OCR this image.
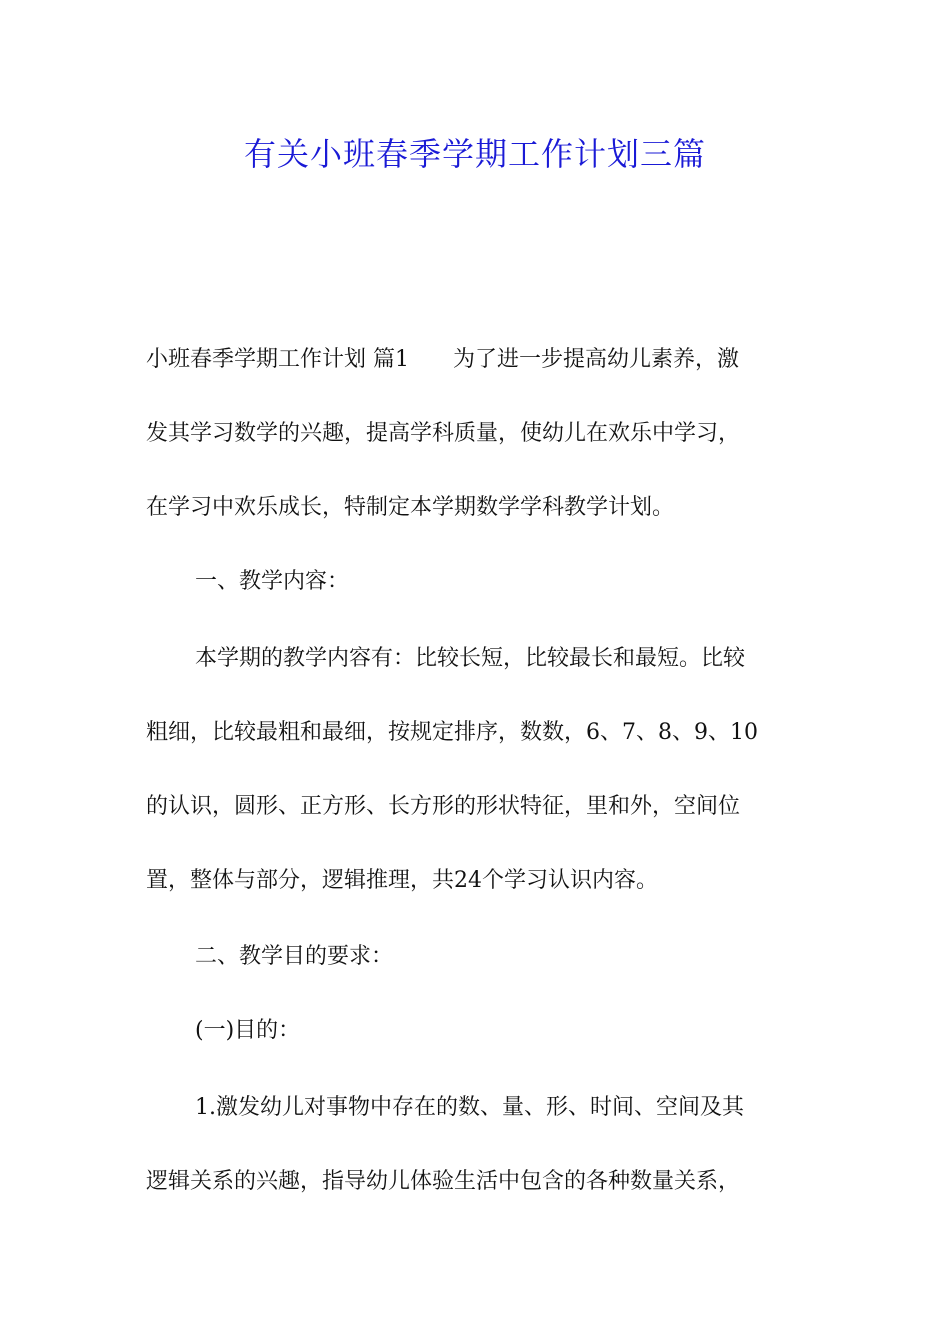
有关小班春季学期工作计划三篇
小班春季学期工作计划 篇1　　为了进一步提高幼儿素养，激
发其学习数学的兴趣，提高学科质量，使幼儿在欢乐中学习，
在学习中欢乐成长，特制定本学期数学学科教学计划。
一、教学内容：
本学期的教学内容有：比较长短，比较最长和最短。比较
粗细，比较最粗和最细，按规定排序，数数，6、7、8、9、10
的认识，圆形、正方形、长方形的形状特征，里和外，空间位
置，整体与部分，逻辑推理，共24个学习认识内容。
二、教学目的要求：
(一)目的：
1.激发幼儿对事物中存在的数、量、形、时间、空间及其
逻辑关系的兴趣，指导幼儿体验生活中包含的各种数量关系，
